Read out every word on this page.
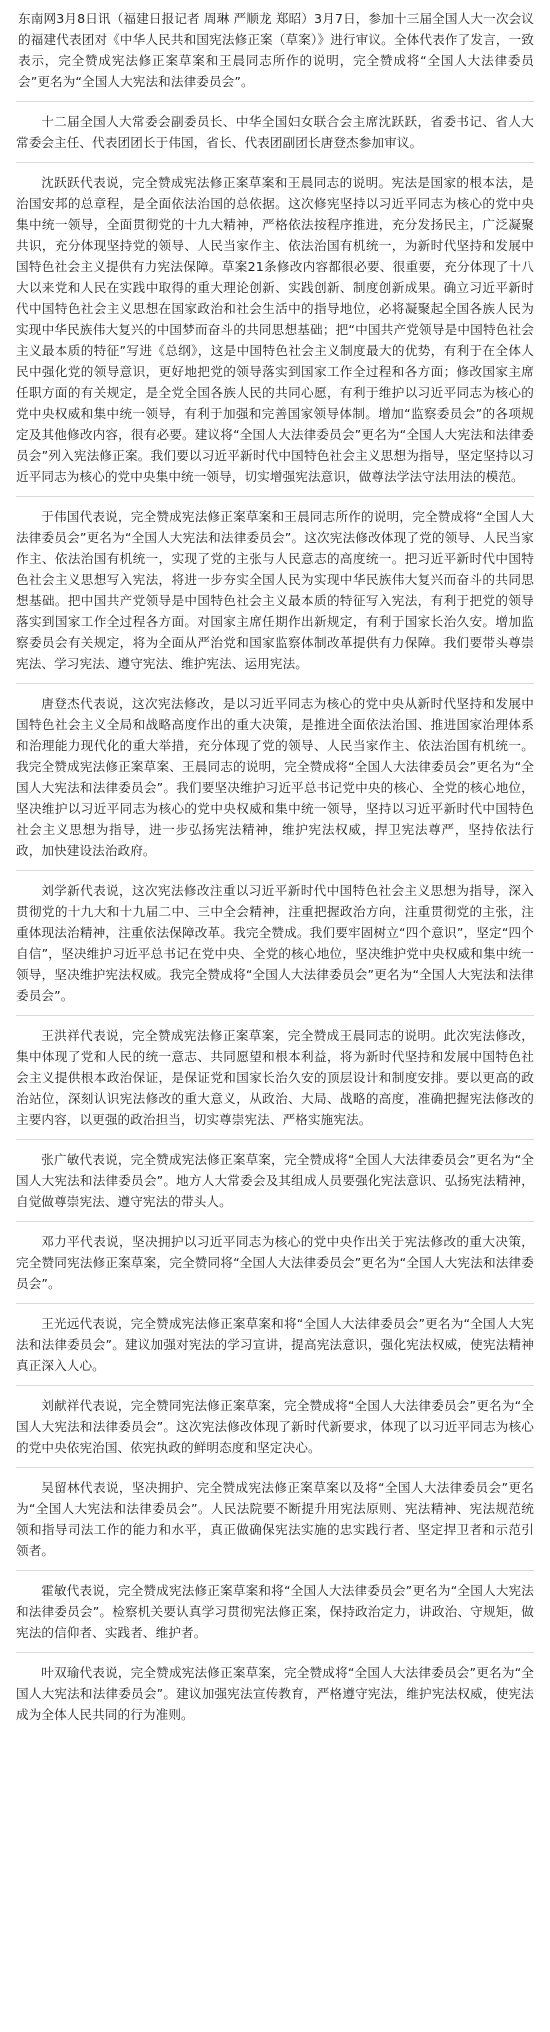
东南网3月8日讯（福建日报记者 周琳 严顺龙 郑昭）3月7日，参加十三届全国人大一次会议的福建代表团对《中华人民共和国宪法修正案（草案）》进行审议。全体代表作了发言，一致表示，完全赞成宪法修正案草案和王晨同志所作的说明，完全赞成将“全国人大法律委员会”更名为“全国人大宪法和法律委员会”。

十二届全国人大常委会副委员长、中华全国妇女联合会主席沈跃跃，省委书记、省人大常委会主任、代表团团长于伟国，省长、代表团副团长唐登杰参加审议。

沈跃跃代表说，完全赞成宪法修正案草案和王晨同志的说明。宪法是国家的根本法，是治国安邦的总章程，是全面依法治国的总依据。这次修宪坚持以习近平同志为核心的党中央集中统一领导，全面贯彻党的十九大精神，严格依法按程序推进，充分发扬民主，广泛凝聚共识，充分体现坚持党的领导、人民当家作主、依法治国有机统一，为新时代坚持和发展中国特色社会主义提供有力宪法保障。草案21条修改内容都很必要、很重要，充分体现了十八大以来党和人民在实践中取得的重大理论创新、实践创新、制度创新成果。确立习近平新时代中国特色社会主义思想在国家政治和社会生活中的指导地位，必将凝聚起全国各族人民为实现中华民族伟大复兴的中国梦而奋斗的共同思想基础；把“中国共产党领导是中国特色社会主义最本质的特征”写进《总纲》，这是中国特色社会主义制度最大的优势，有利于在全体人民中强化党的领导意识，更好地把党的领导落实到国家工作全过程和各方面；修改国家主席任职方面的有关规定，是全党全国各族人民的共同心愿，有利于维护以习近平同志为核心的党中央权威和集中统一领导，有利于加强和完善国家领导体制。增加“监察委员会”的各项规定及其他修改内容，很有必要。建议将“全国人大法律委员会”更名为“全国人大宪法和法律委员会”列入宪法修正案。我们要以习近平新时代中国特色社会主义思想为指导，坚定坚持以习近平同志为核心的党中央集中统一领导，切实增强宪法意识，做尊法学法守法用法的模范。

于伟国代表说，完全赞成宪法修正案草案和王晨同志所作的说明，完全赞成将“全国人大法律委员会”更名为“全国人大宪法和法律委员会”。这次宪法修改体现了党的领导、人民当家作主、依法治国有机统一，实现了党的主张与人民意志的高度统一。把习近平新时代中国特色社会主义思想写入宪法，将进一步夯实全国人民为实现中华民族伟大复兴而奋斗的共同思想基础。把中国共产党领导是中国特色社会主义最本质的特征写入宪法，有利于把党的领导落实到国家工作全过程各方面。对国家主席任期作出新规定，有利于国家长治久安。增加监察委员会有关规定，将为全面从严治党和国家监察体制改革提供有力保障。我们要带头尊崇宪法、学习宪法、遵守宪法、维护宪法、运用宪法。

唐登杰代表说，这次宪法修改，是以习近平同志为核心的党中央从新时代坚持和发展中国特色社会主义全局和战略高度作出的重大决策，是推进全面依法治国、推进国家治理体系和治理能力现代化的重大举措，充分体现了党的领导、人民当家作主、依法治国有机统一。我完全赞成宪法修正案草案、王晨同志的说明，完全赞成将“全国人大法律委员会”更名为“全国人大宪法和法律委员会”。我们要坚决维护习近平总书记党中央的核心、全党的核心地位，坚决维护以习近平同志为核心的党中央权威和集中统一领导，坚持以习近平新时代中国特色社会主义思想为指导，进一步弘扬宪法精神，维护宪法权威，捍卫宪法尊严，坚持依法行政，加快建设法治政府。

刘学新代表说，这次宪法修改注重以习近平新时代中国特色社会主义思想为指导，深入贯彻党的十九大和十九届二中、三中全会精神，注重把握政治方向，注重贯彻党的主张，注重体现法治精神，注重依法保障改革。我完全赞成。我们要牢固树立“四个意识”，坚定“四个自信”，坚决维护习近平总书记在党中央、全党的核心地位，坚决维护党中央权威和集中统一领导，坚决维护宪法权威。我完全赞成将“全国人大法律委员会”更名为“全国人大宪法和法律委员会”。

王洪祥代表说，完全赞成宪法修正案草案，完全赞成王晨同志的说明。此次宪法修改，集中体现了党和人民的统一意志、共同愿望和根本利益，将为新时代坚持和发展中国特色社会主义提供根本政治保证，是保证党和国家长治久安的顶层设计和制度安排。要以更高的政治站位，深刻认识宪法修改的重大意义，从政治、大局、战略的高度，准确把握宪法修改的主要内容，以更强的政治担当，切实尊崇宪法、严格实施宪法。

张广敏代表说，完全赞成宪法修正案草案，完全赞成将“全国人大法律委员会”更名为“全国人大宪法和法律委员会”。地方人大常委会及其组成人员要强化宪法意识、弘扬宪法精神，自觉做尊崇宪法、遵守宪法的带头人。

邓力平代表说，坚决拥护以习近平同志为核心的党中央作出关于宪法修改的重大决策，完全赞同宪法修正案草案，完全赞同将“全国人大法律委员会”更名为“全国人大宪法和法律委员会”。

王光远代表说，完全赞成宪法修正案草案和将“全国人大法律委员会”更名为“全国人大宪法和法律委员会”。建议加强对宪法的学习宣讲，提高宪法意识，强化宪法权威，使宪法精神真正深入人心。

刘献祥代表说，完全赞同宪法修正案草案，完全赞成将“全国人大法律委员会”更名为“全国人大宪法和法律委员会”。这次宪法修改体现了新时代新要求，体现了以习近平同志为核心的党中央依宪治国、依宪执政的鲜明态度和坚定决心。

吴留林代表说，坚决拥护、完全赞成宪法修正案草案以及将“全国人大法律委员会”更名为“全国人大宪法和法律委员会”。人民法院要不断提升用宪法原则、宪法精神、宪法规范统领和指导司法工作的能力和水平，真正做确保宪法实施的忠实践行者、坚定捍卫者和示范引领者。

霍敏代表说，完全赞成宪法修正案草案和将“全国人大法律委员会”更名为“全国人大宪法和法律委员会”。检察机关要认真学习贯彻宪法修正案，保持政治定力，讲政治、守规矩，做宪法的信仰者、实践者、维护者。

叶双瑜代表说，完全赞成宪法修正案草案，完全赞成将“全国人大法律委员会”更名为“全国人大宪法和法律委员会”。建议加强宪法宣传教育，严格遵守宪法，维护宪法权威，使宪法成为全体人民共同的行为准则。
